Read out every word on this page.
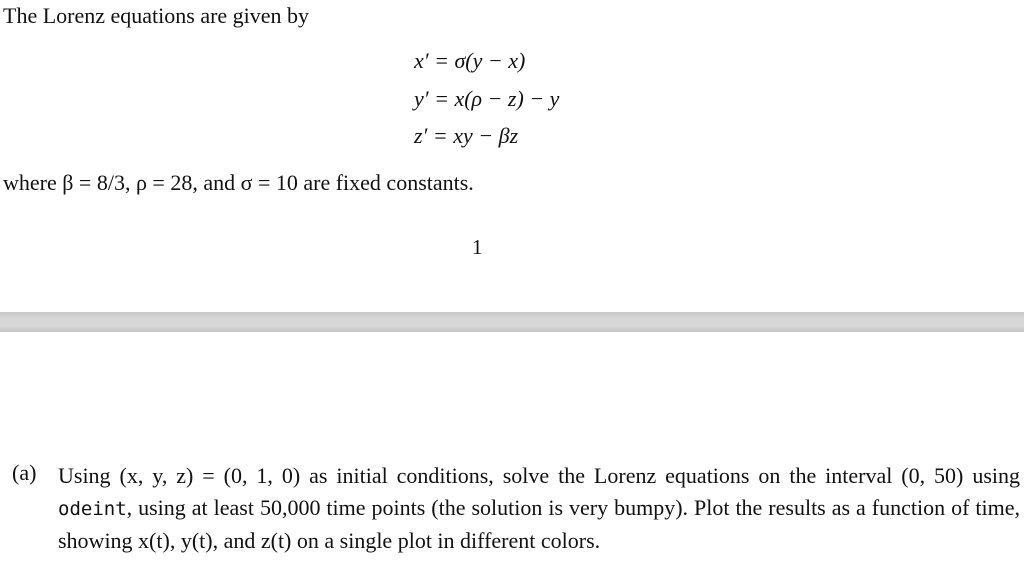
The Lorenz equations are given by
x′ = σ(y − x)
y′ = x(ρ − z) − y
z′ = xy − βz
where β = 8/3, ρ = 28, and σ = 10 are fixed constants.
1
(a) Using (x, y, z) = (0, 1, 0) as initial conditions, solve the Lorenz equations on the interval (0, 50) using odeint, using at least 50,000 time points (the solution is very bumpy). Plot the results as a function of time, showing x(t), y(t), and z(t) on a single plot in different colors.
